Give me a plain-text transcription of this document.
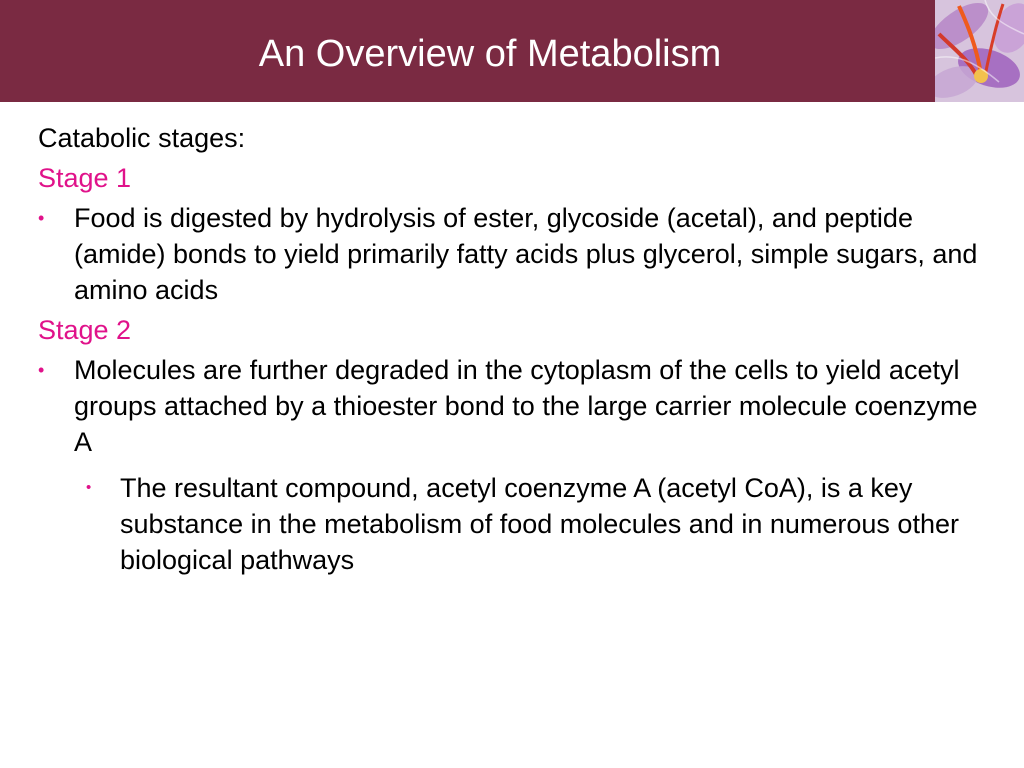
An Overview of Metabolism

Catabolic stages:

Stage 1

•	Food is digested by hydrolysis of ester, glycoside (acetal), and peptide (amide) bonds to yield primarily fatty acids plus glycerol, simple sugars, and amino acids

Stage 2

•	Molecules are further degraded in the cytoplasm of the cells to yield acetyl groups attached by a thioester bond to the large carrier molecule coenzyme A
• The resultant compound, acetyl coenzyme A (acetyl CoA), is a key substance in the metabolism of food molecules and in numerous other biological pathways
